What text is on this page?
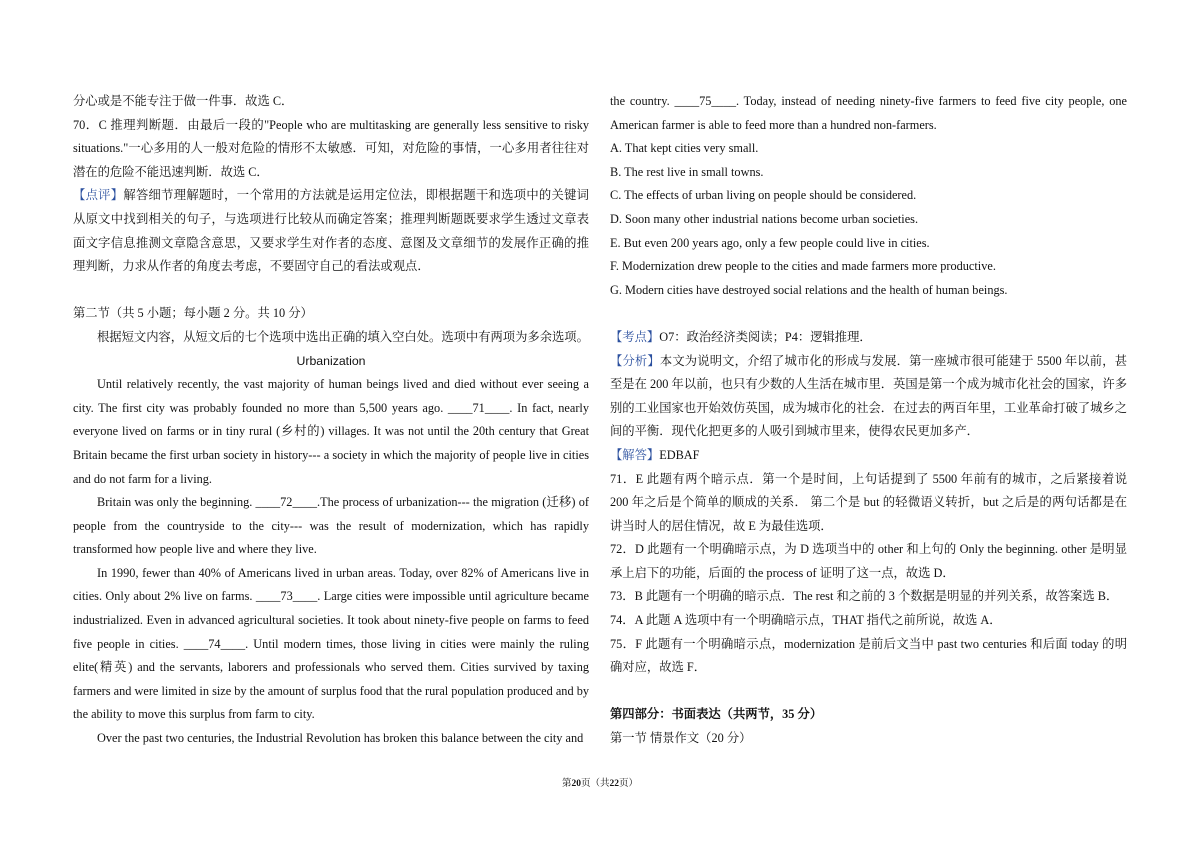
分心或是不能专注于做一件事．故选 C．

70．C 推理判断题．由最后一段的"People who are multitasking are generally less sensitive to risky situations."一心多用的人一般对危险的情形不太敏感．可知，对危险的事情，一心多用者往往对潜在的危险不能迅速判断．故选 C．

【点评】解答细节理解题时，一个常用的方法就是运用定位法，即根据题干和选项中的关键词从原文中找到相关的句子，与选项进行比较从而确定答案；推理判断题既要求学生透过文章表面文字信息推测文章隐含意思，又要求学生对作者的态度、意图及文章细节的发展作正确的推理判断，力求从作者的角度去考虑，不要固守自己的看法或观点．

第二节（共 5 小题；每小题 2 分。共 10 分）

根据短文内容，从短文后的七个选项中选出正确的填入空白处。选项中有两项为多余选项。

Urbanization

Until relatively recently, the vast majority of human beings lived and died without ever seeing a city. The first city was probably founded no more than 5,500 years ago. ____71____. In fact, nearly everyone lived on farms or in tiny rural (乡村的) villages. It was not until the 20th century that Great Britain became the first urban society in history--- a society in which the majority of people live in cities and do not farm for a living.

Britain was only the beginning. ____72____.The process of urbanization--- the migration (迁移) of people from the countryside to the city--- was the result of modernization, which has rapidly transformed how people live and where they live.

In 1990, fewer than 40% of Americans lived in urban areas. Today, over 82% of Americans live in cities. Only about 2% live on farms. ____73____. Large cities were impossible until agriculture became industrialized. Even in advanced agricultural societies. It took about ninety-five people on farms to feed five people in cities. ____74____. Until modern times, those living in cities were mainly the ruling elite(精英) and the servants, laborers and professionals who served them. Cities survived by taxing farmers and were limited in size by the amount of surplus food that the rural population produced and by the ability to move this surplus from farm to city.

Over the past two centuries, the Industrial Revolution has broken this balance between the city and

the country. ____75____. Today, instead of needing ninety-five farmers to feed five city people, one American farmer is able to feed more than a hundred non-farmers.

A. That kept cities very small.

B. The rest live in small towns.

C. The effects of urban living on people should be considered.

D. Soon many other industrial nations become urban societies.

E. But even 200 years ago, only a few people could live in cities.

F. Modernization drew people to the cities and made farmers more productive.

G. Modern cities have destroyed social relations and the health of human beings.

【考点】O7：政治经济类阅读；P4：逻辑推理．

【分析】本文为说明文，介绍了城市化的形成与发展．第一座城市很可能建于 5500 年以前，甚至是在 200 年以前，也只有少数的人生活在城市里．英国是第一个成为城市化社会的国家，许多别的工业国家也开始效仿英国，成为城市化的社会．在过去的两百年里，工业革命打破了城乡之间的平衡．现代化把更多的人吸引到城市里来，使得农民更加多产．

【解答】EDBAF

71．E 此题有两个暗示点．第一个是时间，上句话提到了 5500 年前有的城市，之后紧接着说 200 年之后是个简单的顺成的关系． 第二个是 but 的轻微语义转折，but 之后是的两句话都是在讲当时人的居住情况，故 E 为最佳选项．

72．D 此题有一个明确暗示点，为 D 选项当中的 other 和上句的 Only the beginning. other 是明显承上启下的功能，后面的 the process of 证明了这一点，故选 D．

73．B 此题有一个明确的暗示点．The rest 和之前的 3 个数据是明显的并列关系，故答案选 B．

74．A 此题 A 选项中有一个明确暗示点，THAT 指代之前所说，故选 A．

75．F 此题有一个明确暗示点，modernization 是前后文当中 past two centuries 和后面 today 的明确对应，故选 F．

第四部分：书面表达（共两节，35 分）

第一节 情景作文（20 分）

第20页（共22页）
